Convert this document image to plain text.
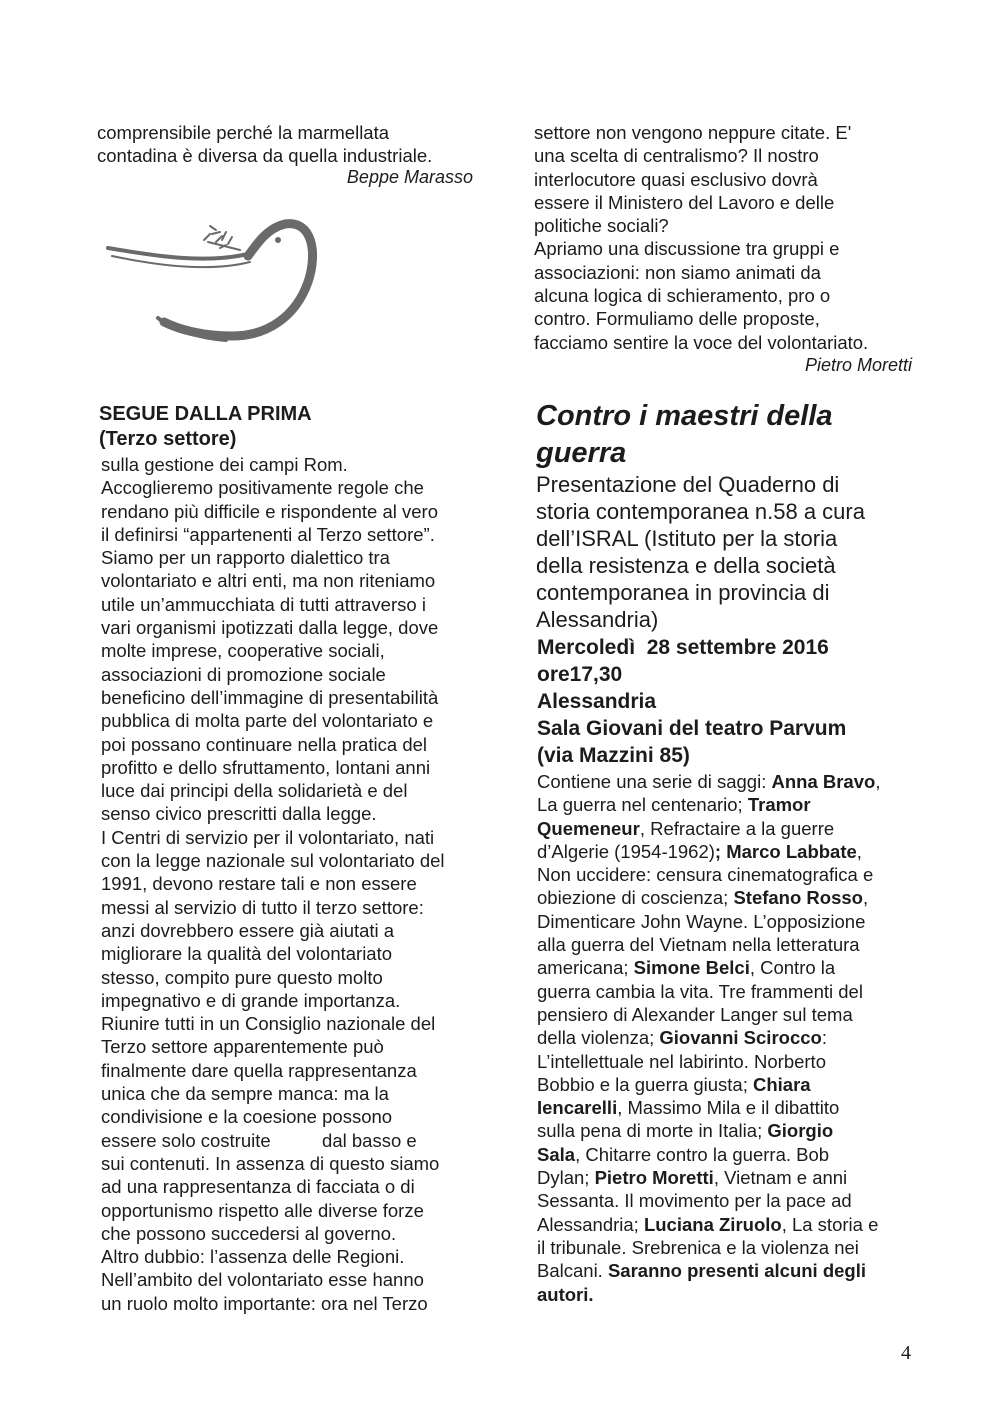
comprensibile perché la marmellata
contadina è diversa da quella industriale.
Beppe Marasso
settore non vengono neppure citate. E'
una scelta di centralismo? Il nostro
interlocutore quasi esclusivo dovrà
essere il Ministero del Lavoro e delle
politiche sociali?
Apriamo una discussione tra gruppi e
associazioni: non siamo animati da
alcuna logica di schieramento, pro o
contro. Formuliamo delle proposte,
facciamo sentire la voce del volontariato.
Pietro Moretti
SEGUE DALLA PRIMA
(Terzo settore)
sulla gestione dei campi Rom.
Accoglieremo positivamente regole che
rendano più difficile e rispondente al vero
il definirsi “appartenenti al Terzo settore”.
Siamo per un rapporto dialettico tra
volontariato e altri enti, ma non riteniamo
utile un’ammucchiata di tutti attraverso i
vari organismi ipotizzati dalla legge, dove
molte imprese, cooperative sociali,
associazioni di promozione sociale
beneficino dell’immagine di presentabilità
pubblica di molta parte del volontariato e
poi possano continuare nella pratica del
profitto e dello sfruttamento, lontani anni
luce dai principi della solidarietà e del
senso civico prescritti dalla legge.
I Centri di servizio per il volontariato, nati
con la legge nazionale sul volontariato del
1991, devono restare tali e non essere
messi al servizio di tutto il terzo settore:
anzi dovrebbero essere già aiutati a
migliorare la qualità del volontariato
stesso, compito pure questo molto
impegnativo e di grande importanza.
Riunire tutti in un Consiglio nazionale del
Terzo settore apparentemente può
finalmente dare quella rappresentanza
unica che da sempre manca: ma la
condivisione e la coesione possono
essere solo costruite          dal basso e
sui contenuti. In assenza di questo siamo
ad una rappresentanza di facciata o di
opportunismo rispetto alle diverse forze
che possono succedersi al governo.
Altro dubbio: l’assenza delle Regioni.
Nell’ambito del volontariato esse hanno
un ruolo molto importante: ora nel Terzo
Contro i maestri della
guerra
Presentazione del Quaderno di
storia contemporanea n.58 a cura
dell’ISRAL (Istituto per la storia
della resistenza e della società
contemporanea in provincia di
Alessandria)
Mercoledì  28 settembre 2016
ore17,30
Alessandria
Sala Giovani del teatro Parvum
(via Mazzini 85)
Contiene una serie di saggi: Anna Bravo,
La guerra nel centenario; Tramor
Quemeneur, Refractaire a la guerre
d’Algerie (1954-1962); Marco Labbate,
Non uccidere: censura cinematografica e
obiezione di coscienza; Stefano Rosso,
Dimenticare John Wayne. L’opposizione
alla guerra del Vietnam nella letteratura
americana; Simone Belci, Contro la
guerra cambia la vita. Tre frammenti del
pensiero di Alexander Langer sul tema
della violenza; Giovanni Scirocco:
L’intellettuale nel labirinto. Norberto
Bobbio e la guerra giusta; Chiara
Iencarelli, Massimo Mila e il dibattito
sulla pena di morte in Italia; Giorgio
Sala, Chitarre contro la guerra. Bob
Dylan; Pietro Moretti, Vietnam e anni
Sessanta. Il movimento per la pace ad
Alessandria; Luciana Ziruolo, La storia e
il tribunale. Srebrenica e la violenza nei
Balcani. Saranno presenti alcuni degli
autori.
4
